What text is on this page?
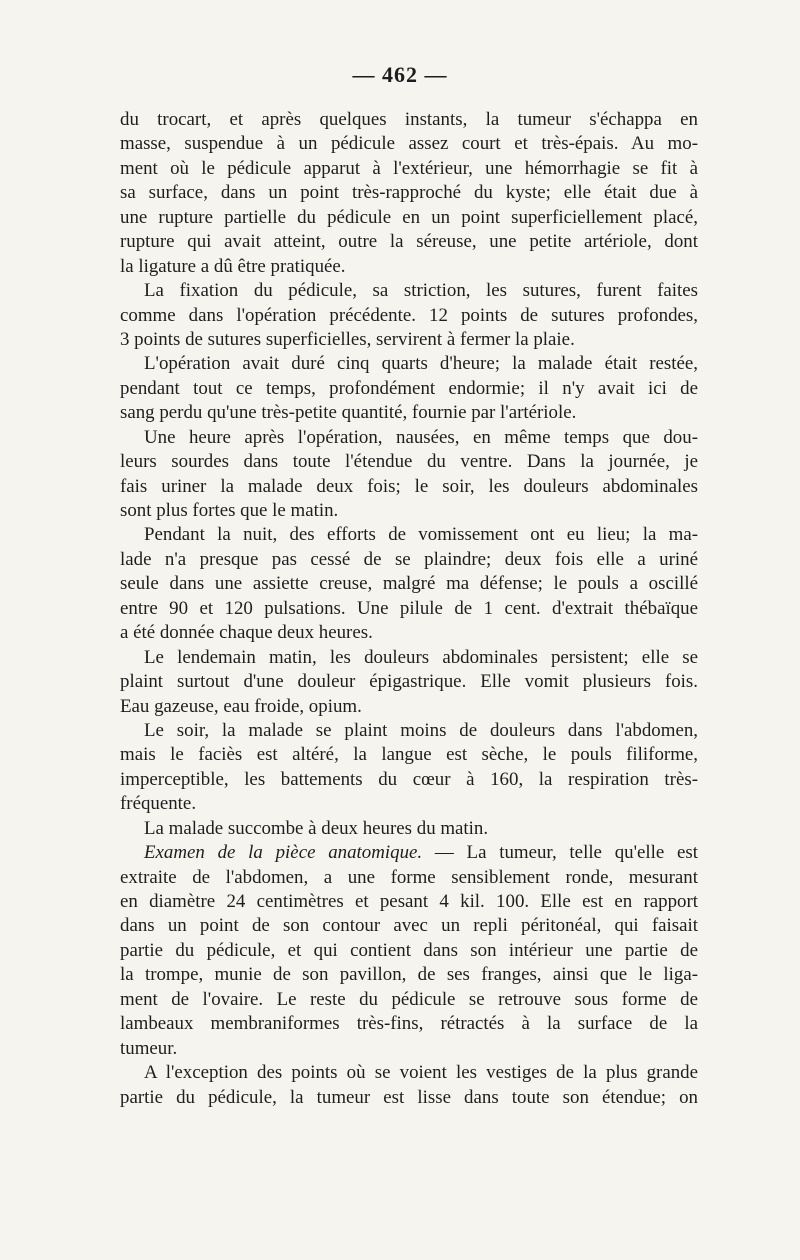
— 462 —
du trocart, et après quelques instants, la tumeur s'échappa en
masse, suspendue à un pédicule assez court et très-épais. Au mo-
ment où le pédicule apparut à l'extérieur, une hémorrhagie se fit à
sa surface, dans un point très-rapproché du kyste; elle était due à
une rupture partielle du pédicule en un point superficiellement placé,
rupture qui avait atteint, outre la séreuse, une petite artériole, dont
la ligature a dû être pratiquée.
La fixation du pédicule, sa striction, les sutures, furent faites
comme dans l'opération précédente. 12 points de sutures profondes,
3 points de sutures superficielles, servirent à fermer la plaie.
L'opération avait duré cinq quarts d'heure; la malade était restée,
pendant tout ce temps, profondément endormie; il n'y avait ici de
sang perdu qu'une très-petite quantité, fournie par l'artériole.
Une heure après l'opération, nausées, en même temps que dou-
leurs sourdes dans toute l'étendue du ventre. Dans la journée, je
fais uriner la malade deux fois; le soir, les douleurs abdominales
sont plus fortes que le matin.
Pendant la nuit, des efforts de vomissement ont eu lieu; la ma-
lade n'a presque pas cessé de se plaindre; deux fois elle a uriné
seule dans une assiette creuse, malgré ma défense; le pouls a oscillé
entre 90 et 120 pulsations. Une pilule de 1 cent. d'extrait thébaïque
a été donnée chaque deux heures.
Le lendemain matin, les douleurs abdominales persistent; elle se
plaint surtout d'une douleur épigastrique. Elle vomit plusieurs fois.
Eau gazeuse, eau froide, opium.
Le soir, la malade se plaint moins de douleurs dans l'abdomen,
mais le faciès est altéré, la langue est sèche, le pouls filiforme,
imperceptible, les battements du cœur à 160, la respiration très-
fréquente.
La malade succombe à deux heures du matin.
Examen de la pièce anatomique. — La tumeur, telle qu'elle est
extraite de l'abdomen, a une forme sensiblement ronde, mesurant
en diamètre 24 centimètres et pesant 4 kil. 100. Elle est en rapport
dans un point de son contour avec un repli péritonéal, qui faisait
partie du pédicule, et qui contient dans son intérieur une partie de
la trompe, munie de son pavillon, de ses franges, ainsi que le liga-
ment de l'ovaire. Le reste du pédicule se retrouve sous forme de
lambeaux membraniformes très-fins, rétractés à la surface de la
tumeur.
A l'exception des points où se voient les vestiges de la plus grande
partie du pédicule, la tumeur est lisse dans toute son étendue; on
